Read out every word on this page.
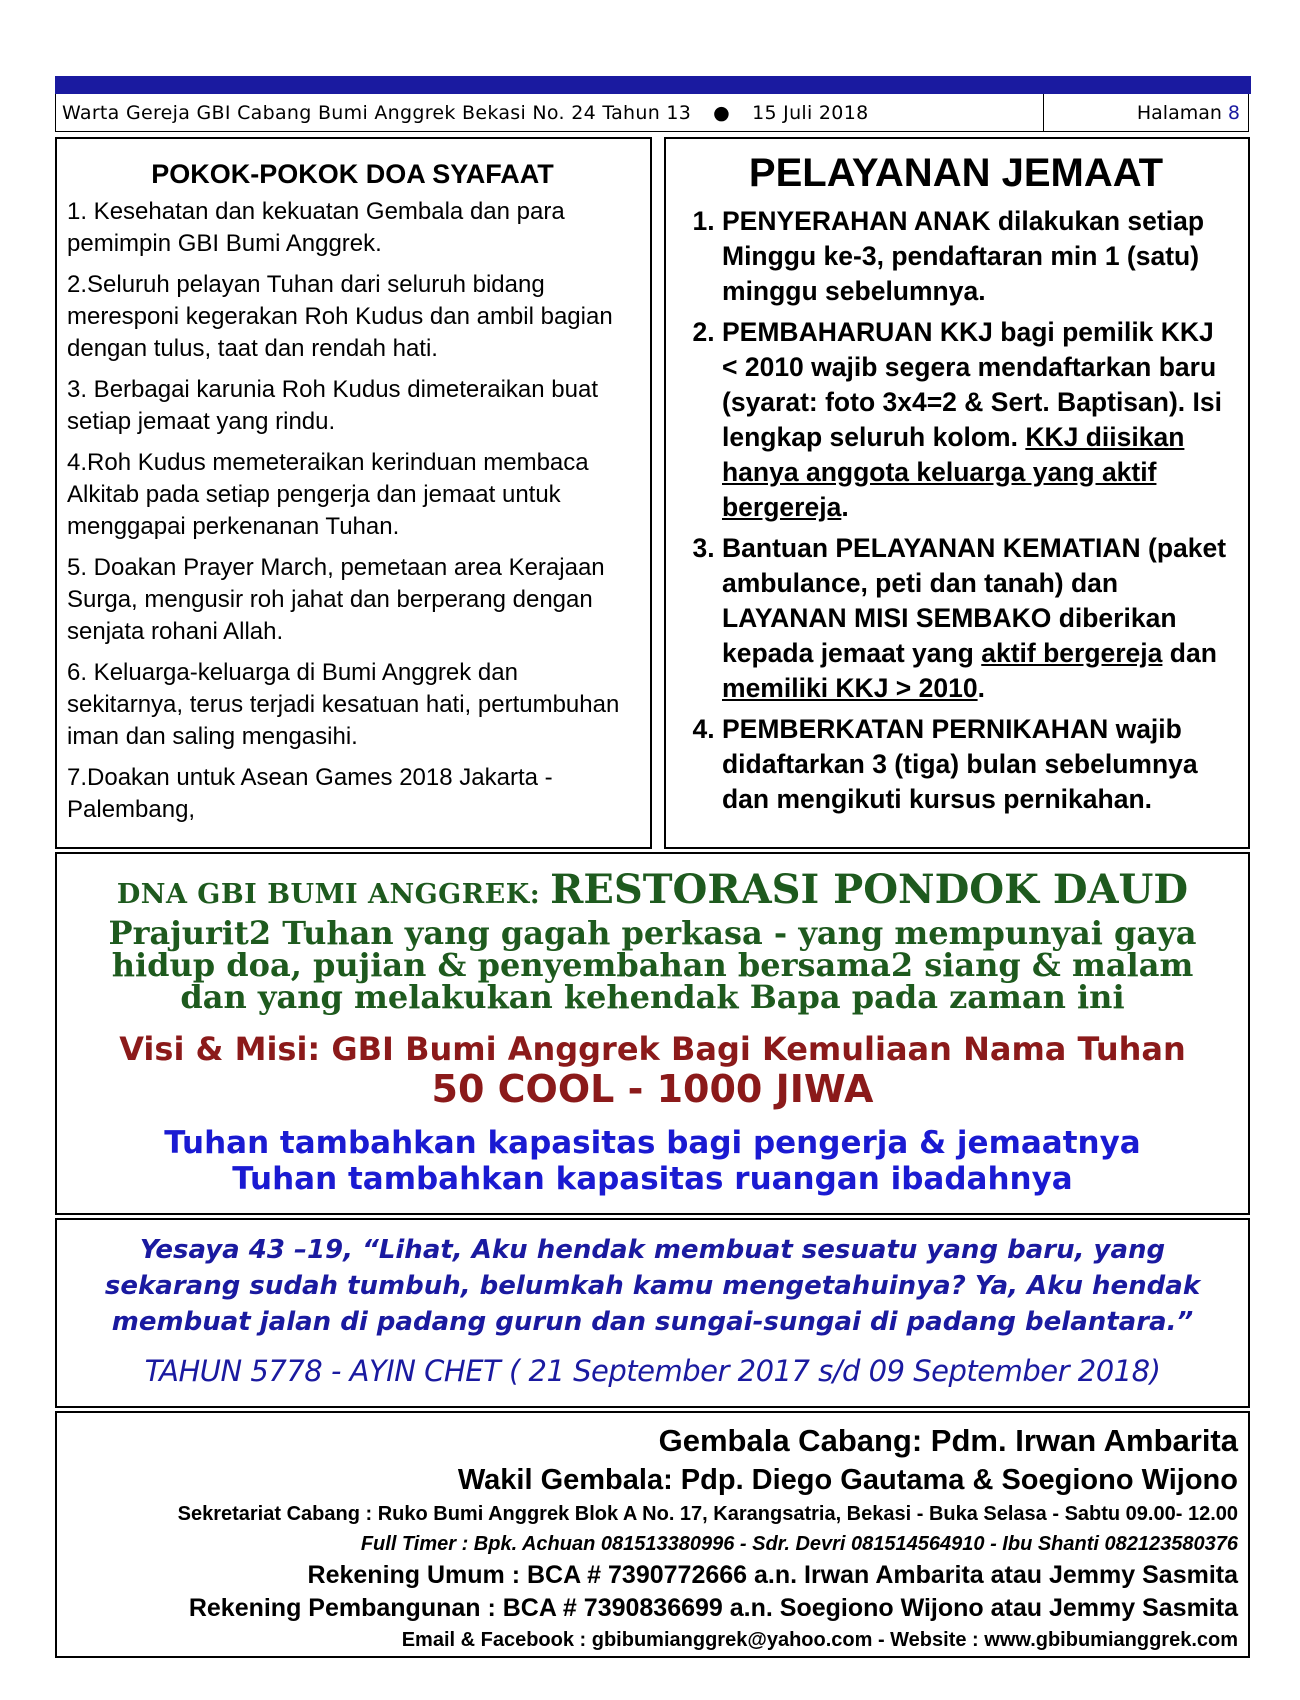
Warta Gereja GBI Cabang Bumi Anggrek Bekasi No. 24 Tahun 13 ● 15 Juli 2018	Halaman 8
POKOK-POKOK DOA SYAFAAT

1. Kesehatan dan kekuatan Gembala dan para pemimpin GBI Bumi Anggrek.

2.Seluruh pelayan Tuhan dari seluruh bidang meresponi kegerakan Roh Kudus dan ambil bagian dengan tulus, taat dan rendah hati.

3. Berbagai karunia Roh Kudus dimeteraikan buat setiap jemaat yang rindu.

4.Roh Kudus memeteraikan kerinduan membaca Alkitab pada setiap pengerja dan jemaat untuk menggapai perkenanan Tuhan.

5. Doakan Prayer March, pemetaan area Kerajaan Surga, mengusir roh jahat dan berperang dengan senjata rohani Allah.

6. Keluarga-keluarga di Bumi Anggrek dan sekitarnya, terus terjadi kesatuan hati, pertumbuhan iman dan saling mengasihi.

7.Doakan untuk Asean Games 2018 Jakarta - Palembang,

PELAYANAN JEMAAT
1. PENYERAHAN ANAK dilakukan setiap Minggu ke-3, pendaftaran min 1 (satu) minggu sebelumnya.
2. PEMBAHARUAN KKJ bagi pemilik KKJ < 2010 wajib segera mendaftarkan baru (syarat: foto 3x4=2 & Sert. Baptisan). Isi lengkap seluruh kolom. KKJ diisikan hanya anggota keluarga yang aktif bergereja.
3. Bantuan PELAYANAN KEMATIAN (paket ambulance, peti dan tanah) dan LAYANAN MISI SEMBAKO diberikan kepada jemaat yang aktif bergereja dan memiliki KKJ > 2010.
4. PEMBERKATAN PERNIKAHAN wajib didaftarkan 3 (tiga) bulan sebelumnya dan mengikuti kursus pernikahan.
DNA GBI BUMI ANGGREK: RESTORASI PONDOK DAUD
Prajurit2 Tuhan yang gagah perkasa - yang mempunyai gaya hidup doa, pujian & penyembahan bersama2 siang & malam dan yang melakukan kehendak Bapa pada zaman ini
Visi & Misi: GBI Bumi Anggrek Bagi Kemuliaan Nama Tuhan
50 COOL - 1000 JIWA
Tuhan tambahkan kapasitas bagi pengerja & jemaatnya
Tuhan tambahkan kapasitas ruangan ibadahnya
Yesaya 43 –19, “Lihat, Aku hendak membuat sesuatu yang baru, yang sekarang sudah tumbuh, belumkah kamu mengetahuinya? Ya, Aku hendak membuat jalan di padang gurun dan sungai-sungai di padang belantara.”
TAHUN 5778 - AYIN CHET ( 21 September 2017 s/d 09 September 2018)
Gembala Cabang: Pdm. Irwan Ambarita
Wakil Gembala: Pdp. Diego Gautama & Soegiono Wijono
Sekretariat Cabang : Ruko Bumi Anggrek Blok A No. 17, Karangsatria, Bekasi - Buka Selasa - Sabtu 09.00- 12.00
Full Timer : Bpk. Achuan 081513380996 - Sdr. Devri 081514564910 - Ibu Shanti 082123580376
Rekening Umum : BCA # 7390772666 a.n. Irwan Ambarita atau Jemmy Sasmita
Rekening Pembangunan : BCA # 7390836699 a.n. Soegiono Wijono atau Jemmy Sasmita
Email & Facebook : gbibumianggrek@yahoo.com - Website : www.gbibumianggrek.com
